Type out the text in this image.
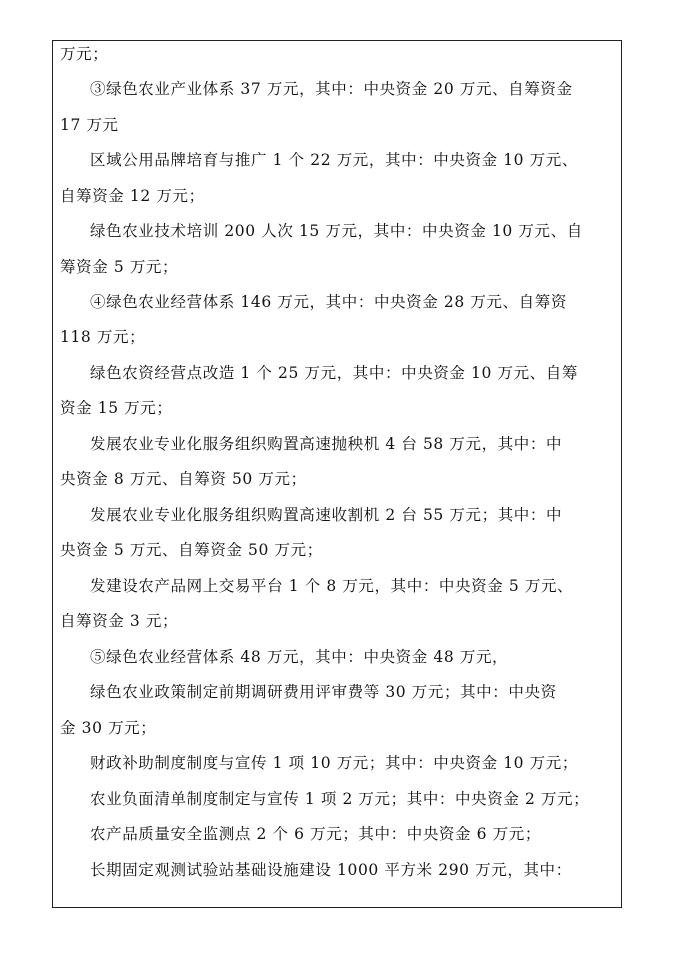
万元；
③绿色农业产业体系 37 万元，其中：中央资金 20 万元、自筹资金
17 万元
区域公用品牌培育与推广 1 个 22 万元，其中：中央资金 10 万元、
自筹资金 12 万元；
绿色农业技术培训 200 人次 15 万元，其中：中央资金 10 万元、自
筹资金 5 万元；
④绿色农业经营体系 146 万元，其中：中央资金 28 万元、自筹资
118 万元；
绿色农资经营点改造 1 个 25 万元，其中：中央资金 10 万元、自筹
资金 15 万元；
发展农业专业化服务组织购置高速抛秧机 4 台 58 万元，其中：中
央资金 8 万元、自筹资 50 万元；
发展农业专业化服务组织购置高速收割机 2 台 55 万元；其中：中
央资金 5 万元、自筹资金 50 万元；
发建设农产品网上交易平台 1 个 8 万元，其中：中央资金 5 万元、
自筹资金 3 元；
⑤绿色农业经营体系 48 万元，其中：中央资金 48 万元，
绿色农业政策制定前期调研费用评审费等 30 万元；其中：中央资
金 30 万元；
财政补助制度制度与宣传 1 项 10 万元；其中：中央资金 10 万元；
农业负面清单制度制定与宣传 1 项 2 万元；其中：中央资金 2 万元；
农产品质量安全监测点 2 个 6 万元；其中：中央资金 6 万元；
长期固定观测试验站基础设施建设 1000 平方米 290 万元，其中：
